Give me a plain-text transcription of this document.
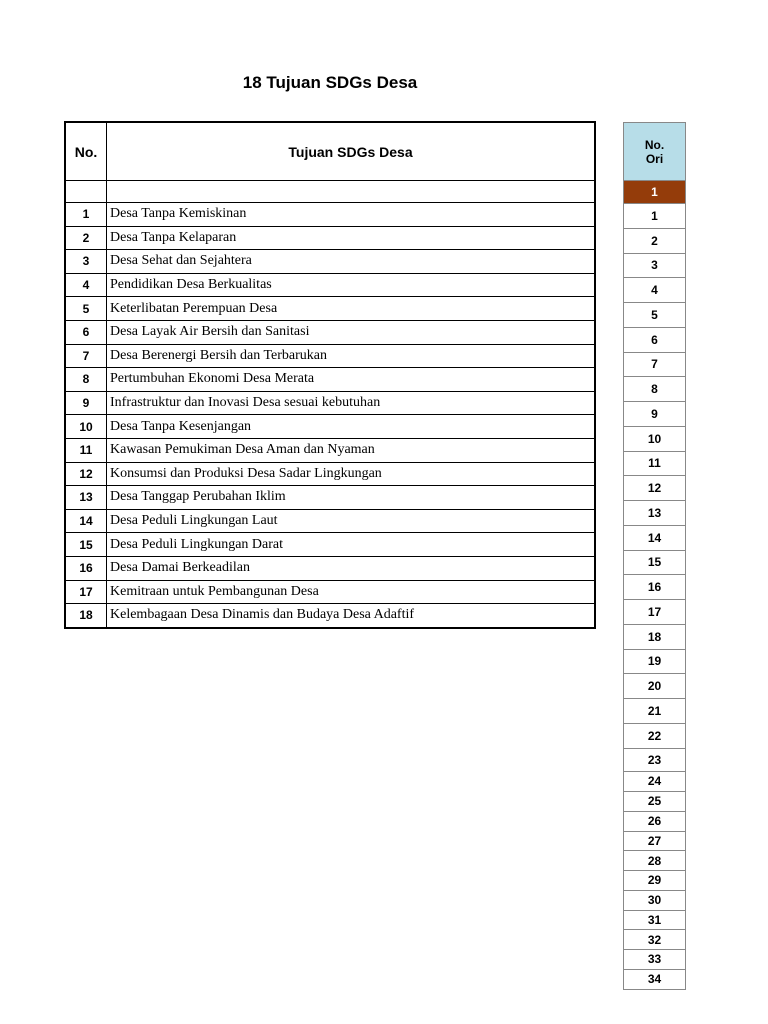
18 Tujuan SDGs Desa
No.	Tujuan SDGs Desa

1	Desa Tanpa Kemiskinan
2	Desa Tanpa Kelaparan
3	Desa Sehat dan Sejahtera
4	Pendidikan Desa Berkualitas
5	Keterlibatan Perempuan Desa
6	Desa Layak Air Bersih dan Sanitasi
7	Desa Berenergi Bersih dan Terbarukan
8	Pertumbuhan Ekonomi Desa Merata
9	Infrastruktur dan Inovasi Desa sesuai kebutuhan
10	Desa Tanpa Kesenjangan
11	Kawasan Pemukiman Desa Aman dan Nyaman
12	Konsumsi dan Produksi Desa Sadar Lingkungan
13	Desa Tanggap Perubahan Iklim
14	Desa Peduli Lingkungan Laut
15	Desa Peduli Lingkungan Darat
16	Desa Damai Berkeadilan
17	Kemitraan untuk Pembangunan Desa
18	Kelembagaan Desa Dinamis dan Budaya Desa Adaftif
No.
Ori
1
1
2
3
4
5
6
7
8
9
10
11
12
13
14
15
16
17
18
19
20
21
22
23
24
25
26
27
28
29
30
31
32
33
34
